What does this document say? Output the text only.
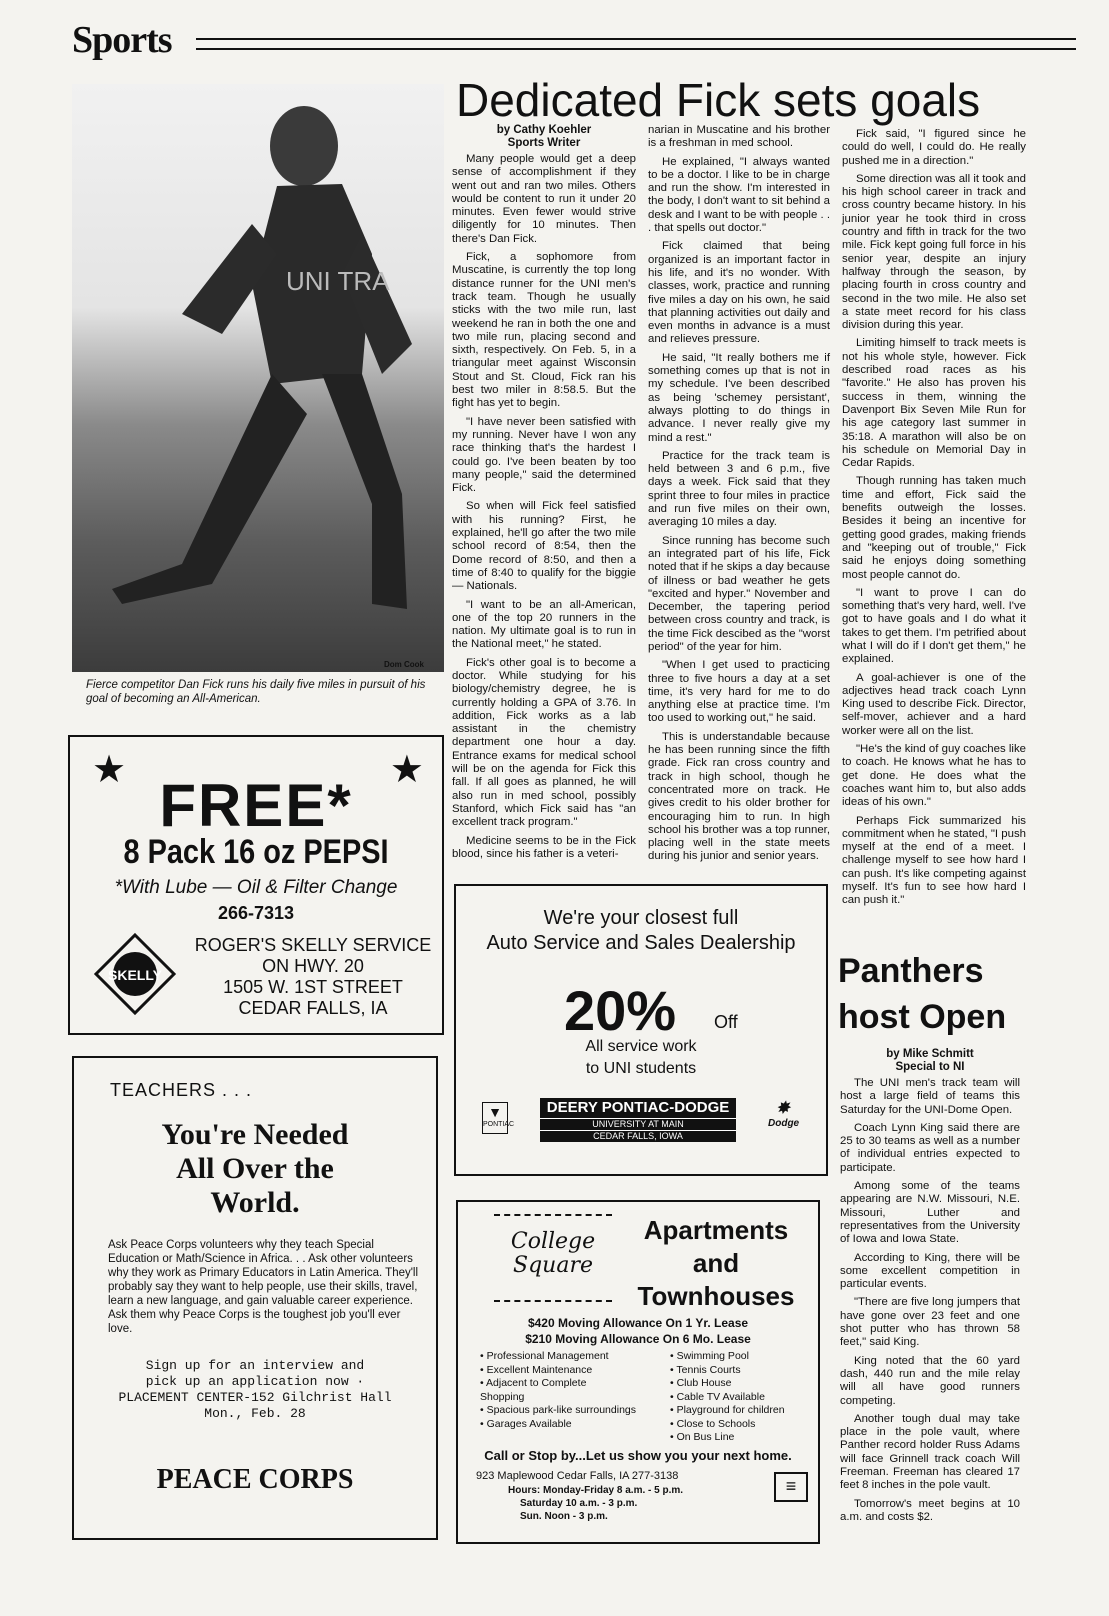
Sports
Dedicated Fick sets goals
UNI TRA
Dom Cook
Fierce competitor Dan Fick runs his daily five miles in pursuit of his goal of becoming an All-American.
by Cathy Koehler
Sports Writer

Many people would get a deep sense of accomplishment if they went out and ran two miles. Others would be content to run it under 20 minutes. Even fewer would strive diligently for 10 minutes. Then there's Dan Fick.

Fick, a sophomore from Muscatine, is currently the top long distance runner for the UNI men's track team. Though he usually sticks with the two mile run, last weekend he ran in both the one and two mile run, placing second and sixth, respectively. On Feb. 5, in a triangular meet against Wisconsin Stout and St. Cloud, Fick ran his best two miler in 8:58.5. But the fight has yet to begin.

"I have never been satisfied with my running. Never have I won any race thinking that's the hardest I could go. I've been beaten by too many people," said the determined Fick.

So when will Fick feel satisfied with his running? First, he explained, he'll go after the two mile school record of 8:54, then the Dome record of 8:50, and then a time of 8:40 to qualify for the biggie — Nationals.

"I want to be an all-American, one of the top 20 runners in the nation. My ultimate goal is to run in the National meet," he stated.

Fick's other goal is to become a doctor. While studying for his biology/chemistry degree, he is currently holding a GPA of 3.76. In addition, Fick works as a lab assistant in the chemistry department one hour a day. Entrance exams for medical school will be on the agenda for Fick this fall. If all goes as planned, he will also run in med school, possibly Stanford, which Fick said has "an excellent track program."

Medicine seems to be in the Fick blood, since his father is a veteri-

narian in Muscatine and his brother is a freshman in med school.

He explained, "I always wanted to be a doctor. I like to be in charge and run the show. I'm interested in the body, I don't want to sit behind a desk and I want to be with people . . . that spells out doctor."

Fick claimed that being organized is an important factor in his life, and it's no wonder. With classes, work, practice and running five miles a day on his own, he said that planning activities out daily and even months in advance is a must and relieves pressure.

He said, "It really bothers me if something comes up that is not in my schedule. I've been described as being 'schemey persistant', always plotting to do things in advance. I never really give my mind a rest."

Practice for the track team is held between 3 and 6 p.m., five days a week. Fick said that they sprint three to four miles in practice and run five miles on their own, averaging 10 miles a day.

Since running has become such an integrated part of his life, Fick noted that if he skips a day because of illness or bad weather he gets "excited and hyper." November and December, the tapering period between cross country and track, is the time Fick descibed as the "worst period" of the year for him.

"When I get used to practicing three to five hours a day at a set time, it's very hard for me to do anything else at practice time. I'm too used to working out," he said.

This is understandable because he has been running since the fifth grade. Fick ran cross country and track in high school, though he concentrated more on track. He gives credit to his older brother for encouraging him to run. In high school his brother was a top runner, placing well in the state meets during his junior and senior years.

Fick said, "I figured since he could do well, I could do. He really pushed me in a direction."

Some direction was all it took and his high school career in track and cross country became history. In his junior year he took third in cross country and fifth in track for the two mile. Fick kept going full force in his senior year, despite an injury halfway through the season, by placing fourth in cross country and second in the two mile. He also set a state meet record for his class division during this year.

Limiting himself to track meets is not his whole style, however. Fick described road races as his "favorite." He also has proven his success in them, winning the Davenport Bix Seven Mile Run for his age category last summer in 35:18. A marathon will also be on his schedule on Memorial Day in Cedar Rapids.

Though running has taken much time and effort, Fick said the benefits outweigh the losses. Besides it being an incentive for getting good grades, making friends and "keeping out of trouble," Fick said he enjoys doing something most people cannot do.

"I want to prove I can do something that's very hard, well. I've got to have goals and I do what it takes to get them. I'm petrified about what I will do if I don't get them," he explained.

A goal-achiever is one of the adjectives head track coach Lynn King used to describe Fick. Director, self-mover, achiever and a hard worker were all on the list.

"He's the kind of guy coaches like to coach. He knows what he has to get done. He does what the coaches want him to, but also adds ideas of his own."

Perhaps Fick summarized his commitment when he stated, "I push myself at the end of a meet. I challenge myself to see how hard I can push. It's like competing against myself. It's fun to see how hard I can push it."

★	★
FREE*
8 Pack 16 oz PEPSI
*With Lube — Oil & Filter Change
266-7313
SKELLY
ROGER'S SKELLY SERVICE
ON HWY. 20
1505 W. 1ST STREET
CEDAR FALLS, IA
TEACHERS . . .
You're Needed
All Over the
World.
Ask Peace Corps volunteers why they teach Special Education or Math/Science in Africa. . . Ask other volunteers why they work as Primary Educators in Latin America. They'll probably say they want to help people, use their skills, travel, learn a new language, and gain valuable career experience. Ask them why Peace Corps is the toughest job you'll ever love.
Sign up for an interview and
pick up an application now ·
PLACEMENT CENTER-152 Gilchrist Hall
Mon., Feb. 28
PEACE CORPS
We're your closest full
Auto Service and Sales Dealership
20% Off
All service work
to UNI students
▼
PONTIAC
DEERY PONTIAC-DODGE
UNIVERSITY AT MAIN
CEDAR FALLS, IOWA
✸
Dodge
College
Square
Apartments
and
Townhouses
$420 Moving Allowance On 1 Yr. Lease
$210 Moving Allowance On 6 Mo. Lease
• Professional Management
• Excellent Maintenance
• Adjacent to Complete
Shopping
• Spacious park-like surroundings
• Garages Available
• Swimming Pool
• Tennis Courts
• Club House
• Cable TV Available
• Playground for children
• Close to Schools
• On Bus Line
Call or Stop by...Let us show you your next home.
923 Maplewood Cedar Falls, IA 277-3138
Hours: Monday-Friday 8 a.m. - 5 p.m.
Saturday 10 a.m. - 3 p.m.
Sun. Noon - 3 p.m.
≡
Panthers
host Open
by Mike Schmitt
Special to NI

The UNI men's track team will host a large field of teams this Saturday for the UNI-Dome Open.

Coach Lynn King said there are 25 to 30 teams as well as a number of individual entries expected to participate.

Among some of the teams appearing are N.W. Missouri, N.E. Missouri, Luther and representatives from the University of Iowa and Iowa State.

According to King, there will be some excellent competition in particular events.

"There are five long jumpers that have gone over 23 feet and one shot putter who has thrown 58 feet," said King.

King noted that the 60 yard dash, 440 run and the mile relay will all have good runners competing.

Another tough dual may take place in the pole vault, where Panther record holder Russ Adams will face Grinnell track coach Will Freeman. Freeman has cleared 17 feet 8 inches in the pole vault.

Tomorrow's meet begins at 10 a.m. and costs $2.
